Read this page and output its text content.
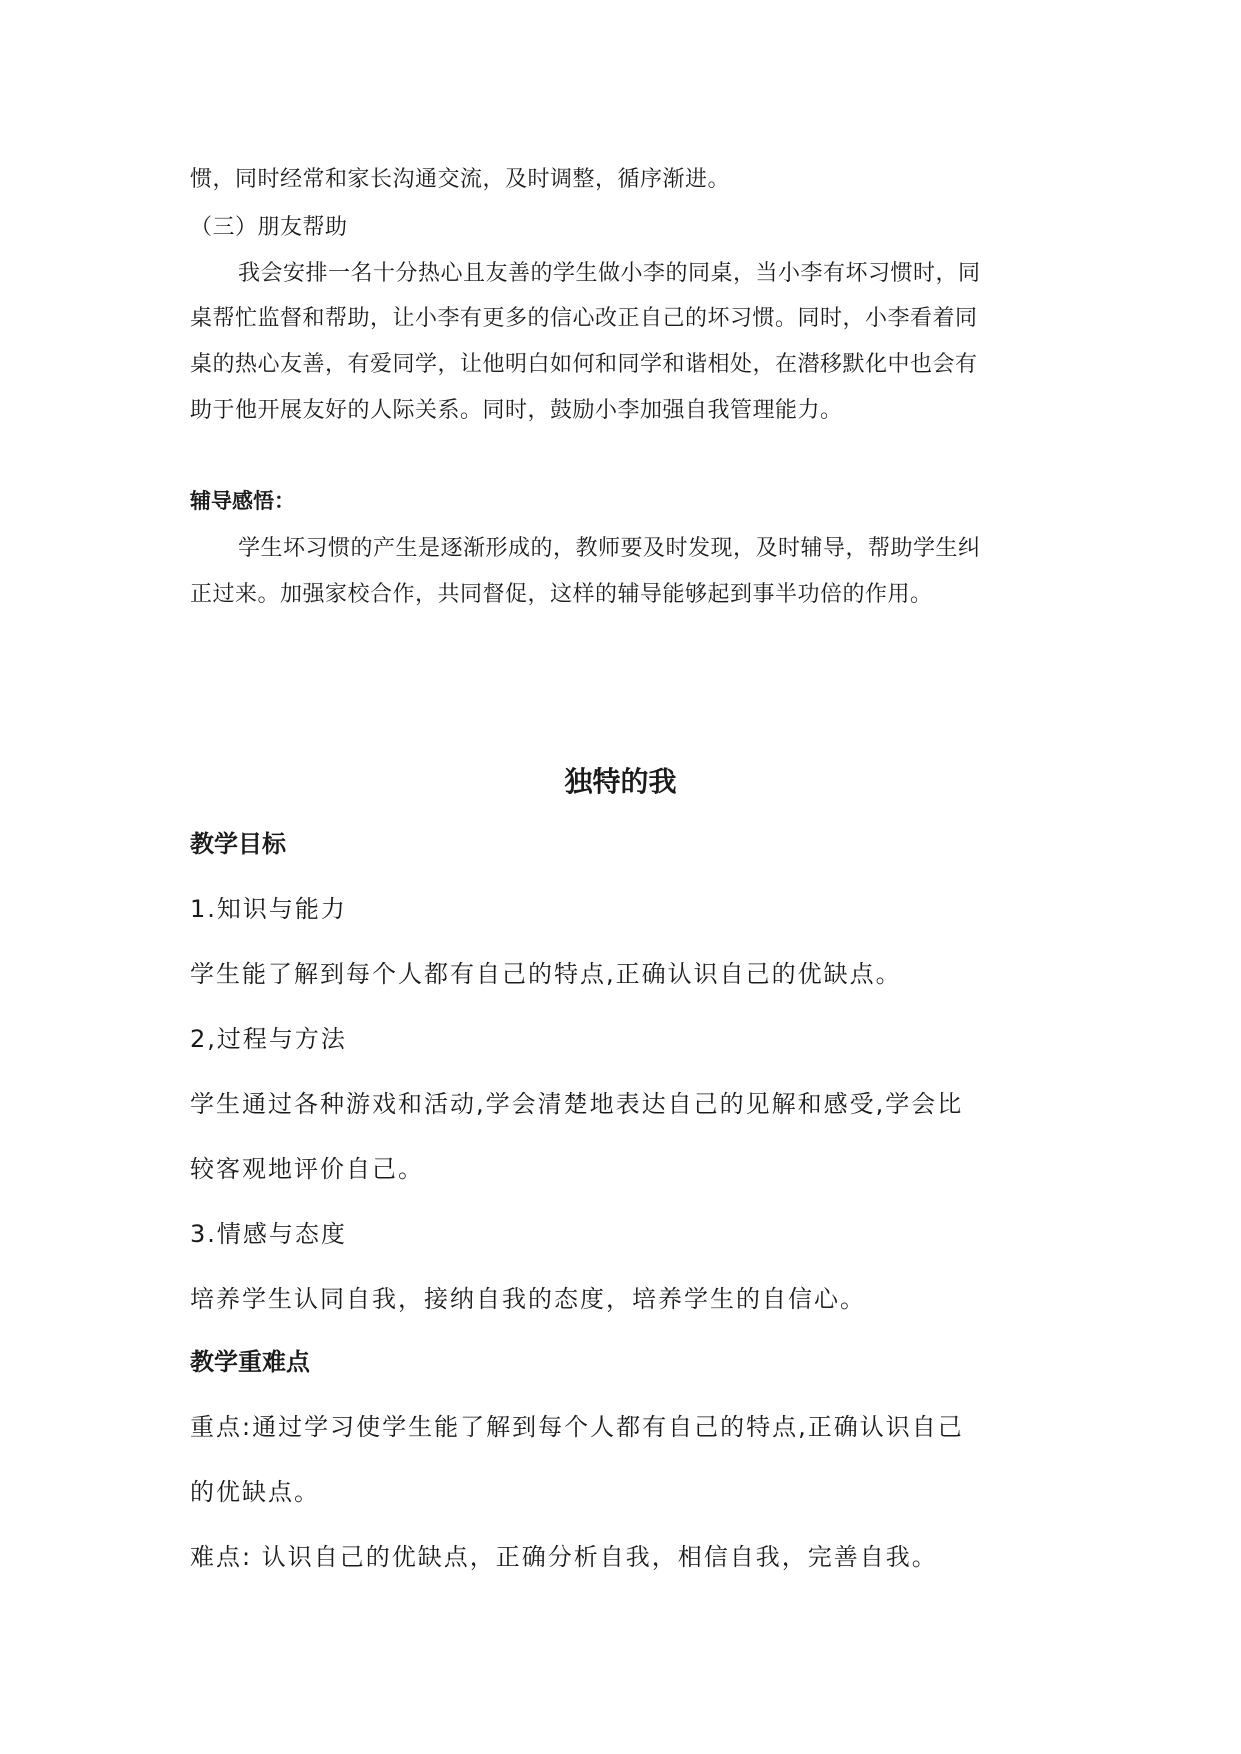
惯，同时经常和家长沟通交流，及时调整，循序渐进。

（三）朋友帮助

我会安排一名十分热心且友善的学生做小李的同桌，当小李有坏习惯时，同

桌帮忙监督和帮助，让小李有更多的信心改正自己的坏习惯。同时，小李看着同

桌的热心友善，有爱同学，让他明白如何和同学和谐相处，在潜移默化中也会有

助于他开展友好的人际关系。同时，鼓励小李加强自我管理能力。

辅导感悟：

学生坏习惯的产生是逐渐形成的，教师要及时发现，及时辅导，帮助学生纠

正过来。加强家校合作，共同督促，这样的辅导能够起到事半功倍的作用。

独特的我
教学目标

1.知识与能力

学生能了解到每个人都有自己的特点,正确认识自己的优缺点。

2,过程与方法

学生通过各种游戏和活动,学会清楚地表达自己的见解和感受,学会比

较客观地评价自己。

3.情感与态度

培养学生认同自我，接纳自我的态度，培养学生的自信心。

教学重难点

重点:通过学习使学生能了解到每个人都有自己的特点,正确认识自己

的优缺点。

难点: 认识自己的优缺点，正确分析自我，相信自我，完善自我。
